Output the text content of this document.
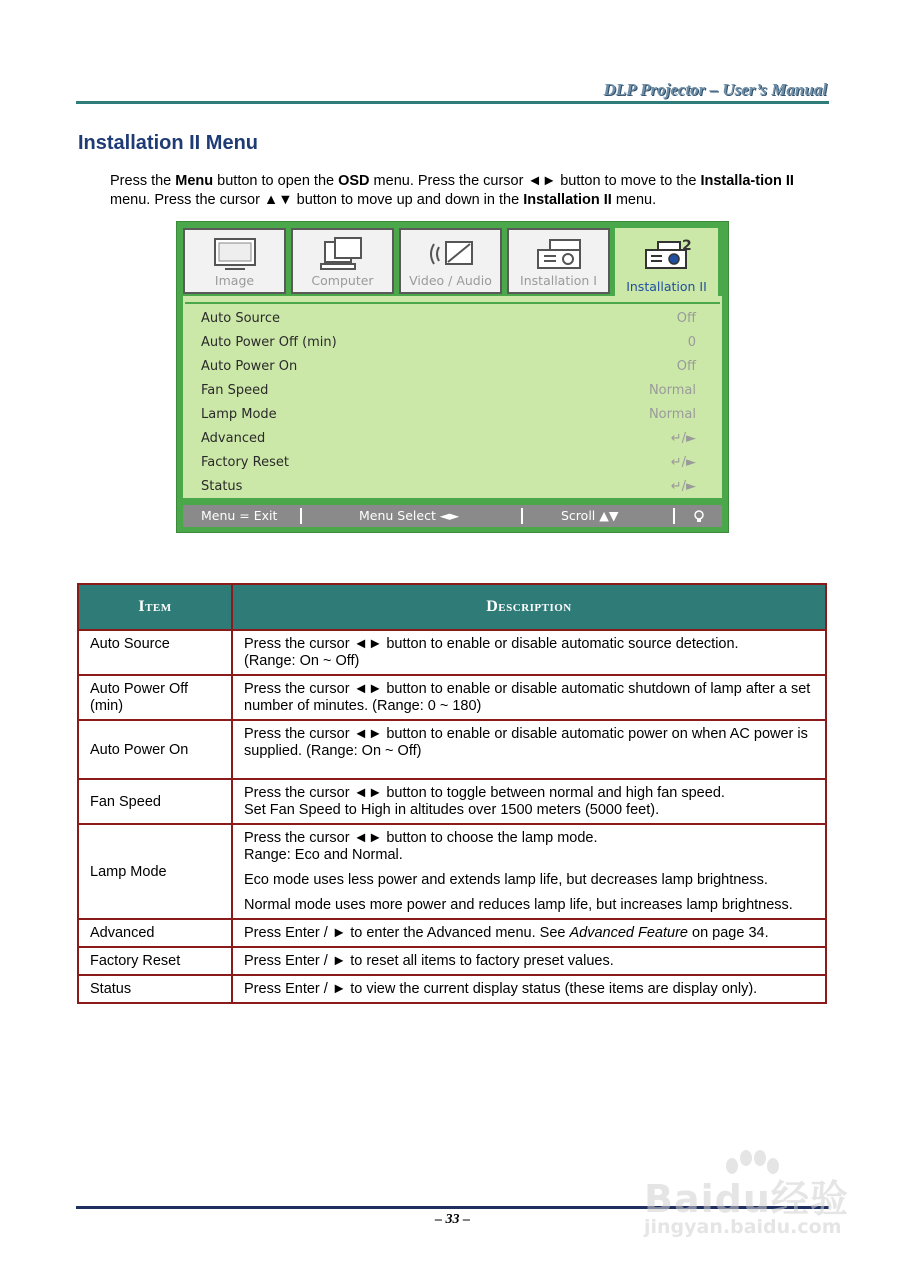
DLP Projector – User’s Manual
Installation II Menu
Press the Menu button to open the OSD menu. Press the cursor ◄► button to move to the Installa-tion II menu. Press the cursor ▲▼ button to move up and down in the Installation II menu.
Image	Computer	Video / Audio	Installation I
2
Installation II
Auto Source	Off
Auto Power Off (min)	0
Auto Power On	Off
Fan Speed	Normal
Lamp Mode	Normal
Advanced	↵/►
Factory Reset	↵/►
Status	↵/►
Menu = Exit	Menu Select ◄►	Scroll ▲▼
Item	Description
Auto Source	Press the cursor ◄► button to enable or disable automatic source detection.

(Range: On ~ Off)

Auto Power Off (min)	Press the cursor ◄► button to enable or disable automatic shutdown of lamp after a set number of minutes. (Range: 0 ~ 180)

Auto Power On	Press the cursor ◄► button to enable or disable automatic power on when AC power is supplied. (Range: On ~ Off)

Fan Speed	Press the cursor ◄► button to toggle between normal and high fan speed.

Set Fan Speed to High in altitudes over 1500 meters (5000 feet).

Lamp Mode	Press the cursor ◄► button to choose the lamp mode.

Range: Eco and Normal.

Eco mode uses less power and extends lamp life, but decreases lamp brightness.

Normal mode uses more power and reduces lamp life, but increases lamp brightness.

Advanced	Press Enter / ► to enter the Advanced menu. See Advanced Feature on page 34.
Factory Reset	Press Enter / ► to reset all items to factory preset values.

Status	Press Enter / ► to view the current display status (these items are display only).

– 33 –	Baidu经验
jingyan.baidu.com
